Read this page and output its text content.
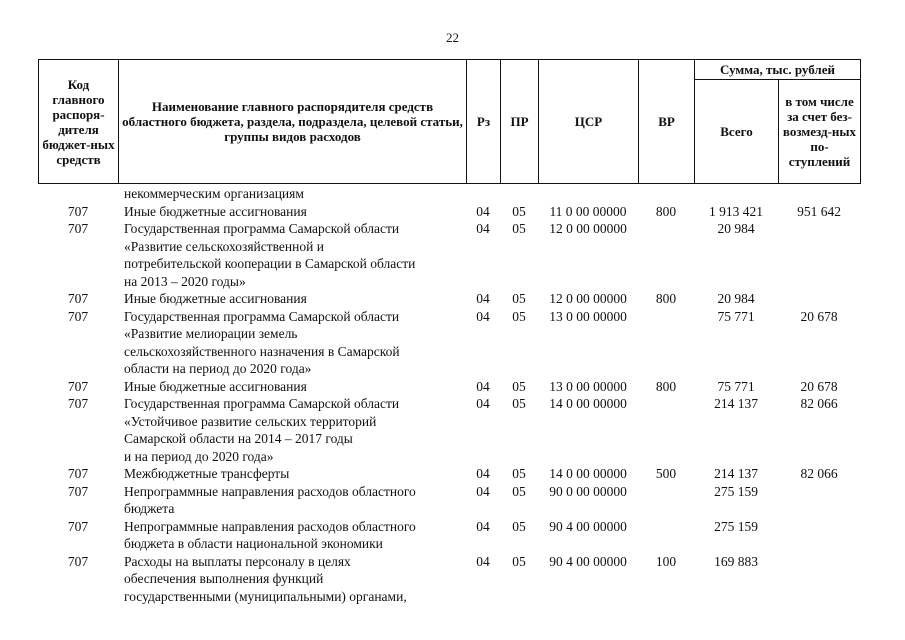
22
Код главного распоря-дителя бюджет-ных средств	Наименование главного распорядителя средств областного бюджета, раздела, подраздела, целевой статьи, группы видов расходов	Рз	ПР	ЦСР	ВР	Сумма, тыс. рублей	
						Всего	в том числе за счет без-возмезд-ных по-ступлений

	некоммерческим организациям						

707	Иные бюджетные ассигнования	04	05	11 0 00 00000	800	1 913 421	951 642
707	Государственная программа Самарской области
«Развитие сельскохозяйственной и
потребительской кооперации в Самарской области
на 2013 – 2020 годы»	04	05	12 0 00 00000		20 984	
707	Иные бюджетные ассигнования	04	05	12 0 00 00000	800	20 984	
707	Государственная программа Самарской области
«Развитие мелиорации земель
сельскохозяйственного назначения в Самарской
области на период до 2020 года»	04	05	13 0 00 00000		75 771	20 678
707	Иные бюджетные ассигнования	04	05	13 0 00 00000	800	75 771	20 678
707	Государственная программа Самарской области
«Устойчивое развитие сельских территорий
Самарской области на 2014 – 2017 годы
и на период до 2020 года»	04	05	14 0 00 00000		214 137	82 066
707	Межбюджетные трансферты	04	05	14 0 00 00000	500	214 137	82 066
707	Непрограммные направления расходов областного
бюджета	04	05	90 0 00 00000		275 159	
707	Непрограммные направления расходов областного
бюджета в области национальной экономики	04	05	90 4 00 00000		275 159	
707	Расходы на выплаты персоналу в целях
обеспечения выполнения функций
государственными (муниципальными) органами,	04	05	90 4 00 00000	100	169 883	
